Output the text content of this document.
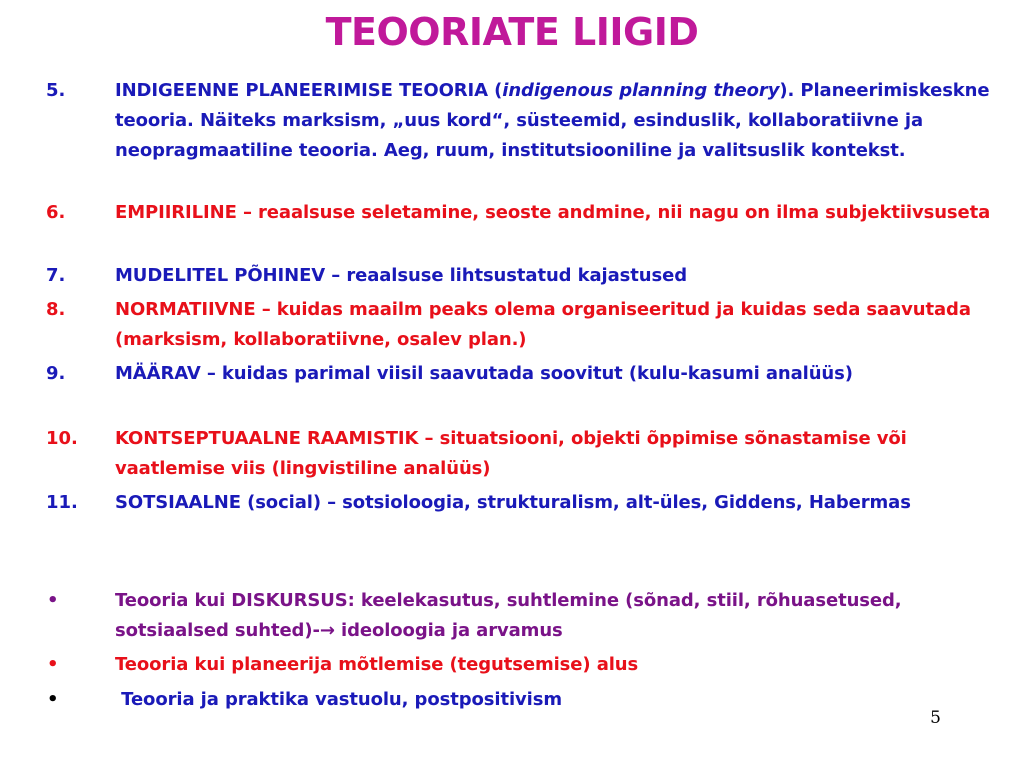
TEOORIATE LIIGID
5.	INDIGEENNE PLANEERIMISE TEOORIA (indigenous planning theory). Planeerimiskeskne teooria. Näiteks marksism, „uus kord“, süsteemid, esinduslik, kollaboratiivne ja neopragmaatiline teooria. Aeg, ruum, institutsiooniline ja valitsuslik kontekst.
6.	EMPIIRILINE – reaalsuse seletamine, seoste andmine, nii nagu on ilma subjektiivsuseta
7.	MUDELITEL PÕHINEV – reaalsuse lihtsustatud kajastused
8.	NORMATIIVNE – kuidas maailm peaks olema organiseeritud ja kuidas seda saavutada (marksism, kollaboratiivne, osalev plan.)
9.	MÄÄRAV – kuidas parimal viisil saavutada soovitut (kulu-kasumi analüüs)
10. KONTSEPTUAALNE RAAMISTIK – situatsiooni, objekti õppimise sõnastamise või vaatlemise viis (lingvistiline analüüs)
11. SOTSIAALNE (social) – sotsioloogia, strukturalism, alt-üles, Giddens, Habermas
•	Teooria kui DISKURSUS: keelekasutus, suhtlemine (sõnad, stiil, rõhuasetused, sotsiaalsed suhted)-→ ideoloogia ja arvamus
•	Teooria kui planeerija mõtlemise (tegutsemise) alus
•	Teooria ja praktika vastuolu, postpositivism
5
